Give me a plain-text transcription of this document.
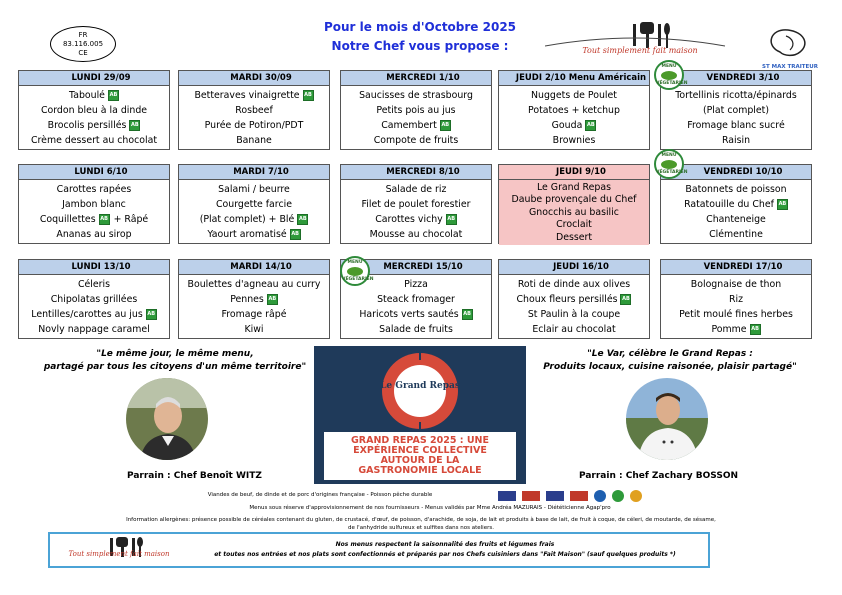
FR
83.116.005
CE
Pour le mois d'Octobre 2025
Notre Chef vous propose :	Tout simplement fait maison
ST MAX TRAITEUR
LUNDI 29/09
Taboulé AB
Cordon bleu à la dinde
Brocolis persillés AB
Crème dessert au chocolat
MARDI 30/09
Betteraves vinaigrette AB
Rosbeef
Purée de Potiron/PDT
Banane
MERCREDI 1/10
Saucisses de strasbourg
Petits pois au jus
Camembert AB
Compote de fruits
JEUDI 2/10 Menu Américain
Nuggets de Poulet
Potatoes + ketchup
Gouda AB
Brownies
VENDREDI 3/10
Tortellinis ricotta/épinards
(Plat complet)
Fromage blanc sucré
Raisin
LUNDI 6/10
Carottes rapées
Jambon blanc
Coquillettes AB + Râpé
Ananas au sirop
MARDI 7/10
Salami / beurre
Courgette farcie
(Plat complet) + Blé AB
Yaourt aromatisé AB
MERCREDI 8/10
Salade de riz
Filet de poulet forestier
Carottes vichy AB
Mousse au chocolat
JEUDI 9/10
Le Grand Repas
Daube provençale du Chef
Gnocchis au basilic
Croclait
Dessert
VENDREDI 10/10
Batonnets de poisson
Ratatouille du Chef AB
Chanteneige
Clémentine
LUNDI 13/10
Céleris
Chipolatas grillées
Lentilles/carottes au jus AB
Novly nappage caramel
MARDI 14/10
Boulettes d'agneau au curry
Pennes AB
Fromage râpé
Kiwi
MERCREDI 15/10
Pizza
Steack fromager
Haricots verts sautés AB
Salade de fruits
JEUDI 16/10
Roti de dinde aux olives
Choux fleurs persillés AB
St Paulin à la coupe
Eclair au chocolat
VENDREDI 17/10
Bolognaise de thon
Riz
Petit moulé fines herbes
Pomme AB
MENU
VÉGÉTARIEN
MENU
VÉGÉTARIEN
MENU
VÉGÉTARIEN
"Le même jour, le même menu,
partagé par tous les citoyens d'un même territoire"
"Le Var, célèbre le Grand Repas :
Produits locaux, cuisine raisonée, plaisir partagé"
Le Grand Repas
GRAND REPAS 2025 : UNE
EXPÉRIENCE COLLECTIVE
AUTOUR DE LA
GASTRONOMIE LOCALE
Parrain : Chef Benoît WITZ	Parrain : Chef Zachary BOSSON
Viandes de beuf, de dinde et de porc d'origines française - Poisson pêche durable
Menus sous réserve d'approvisionnement de nos fournisseurs - Menus validés par Mme Andréa MAZURAIS - Diététicienne Agap'pro
Information allergènes: présence possible de céréales contenant du gluten, de crustacé, d'œuf, de poisson, d'arachide, de soja, de lait et produits à base de lait, de fruit à coque, de céleri, de moutarde, de sésame,
de l'anhydride sulfureux et sulfites dans nos ateliers.
Tout simplement fait maison
Nos menus respectent la saisonnalité des fruits et légumes frais
et toutes nos entrées et nos plats sont confectionnés et préparés par nos Chefs cuisiniers dans "Fait Maison" (sauf quelques produits *)
